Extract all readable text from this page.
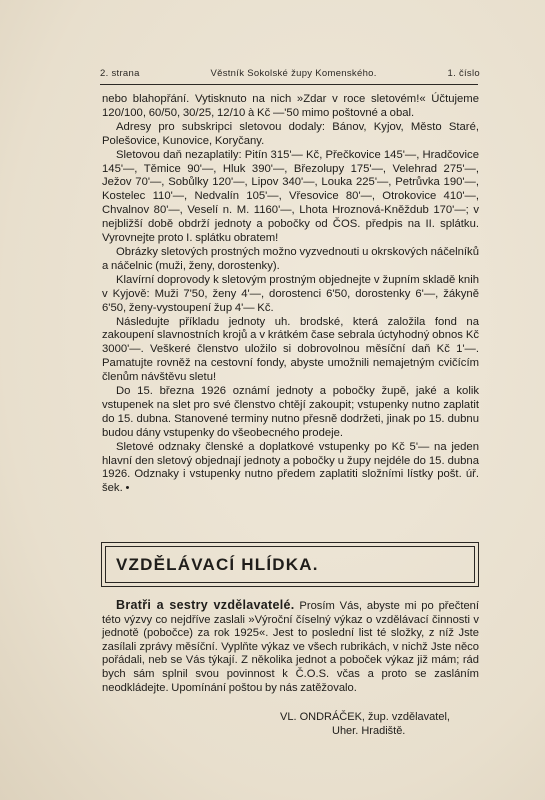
2. strana	Věstník Sokolské župy Komenského.	1. číslo

nebo blahopřání. Vytisknuto na nich »Zdar v roce sletovém!« Účtujeme 120/100, 60/50, 30/25, 12/10 à Kč —'50 mimo poštovné a obal.

Adresy pro subskripci sletovou dodaly: Bánov, Kyjov, Město Staré, Polešovice, Kunovice, Koryčany.

Sletovou daň nezaplatily: Pitín 315'— Kč, Přečkovice 145'—, Hradčovice 145'—, Těmice 90'—, Hluk 390'—, Březolupy 175'—, Velehrad 275'—, Ježov 70'—, Sobůlky 120'—, Lipov 340'—, Louka 225'—, Petrůvka 190'—, Kostelec 110'—, Nedvalín 105'—, Vřesovice 80'—, Otrokovice 410'—, Chvalnov 80'—, Veselí n. M. 1160'—, Lhota Hroznová-Kněždub 170'—; v nejbližší době obdrží jednoty a pobočky od ČOS. předpis na II. splátku. Vyrovnejte proto I. splátku obratem!

Obrázky sletových prostných možno vyzvednouti u okrskových náčelníků a náčelnic (muži, ženy, dorostenky).

Klavírní doprovody k sletovým prostným objednejte v župním skladě knih v Kyjově: Muži 7'50, ženy 4'—, dorostenci 6'50, dorostenky 6'—, žákyně 6'50, ženy-vystoupení žup 4'— Kč.

Následujte příkladu jednoty uh. brodské, která založila fond na zakoupení slavnostních krojů a v krátkém čase sebrala úctyhodný obnos Kč 3000'—. Veškeré členstvo uložilo si dobrovolnou měsíční daň Kč 1'—. Pamatujte rovněž na cestovní fondy, abyste umožnili nemajetným cvičícím členům návštěvu sletu!

Do 15. března 1926 oznámí jednoty a pobočky župě, jaké a kolik vstupenek na slet pro své členstvo chtějí zakoupit; vstupenky nutno zaplatit do 15. dubna. Stanovené terminy nutno přesně dodržeti, jinak po 15. dubnu budou dány vstupenky do všeobecného prodeje.

Sletové odznaky členské a doplatkové vstupenky po Kč 5'— na jeden hlavní den sletový objednají jednoty a pobočky u župy nejdéle do 15. dubna 1926. Odznaky i vstupenky nutno předem zaplatiti složními lístky pošt. úř. šek. •

VZDĚLÁVACÍ HLÍDKA.

Bratři a sestry vzdělavatelé. Prosím Vás, abyste mi po přečtení této výzvy co nejdříve zaslali »Výroční číselný výkaz o vzdělávací činnosti v jednotě (pobočce) za rok 1925«. Jest to poslední list té složky, z níž Jste zasílali zprávy měsíční. Vyplňte výkaz ve všech rubrikách, v nichž Jste něco pořádali, neb se Vás týkají. Z několika jednot a poboček výkaz již mám; rád bych sám splnil svou povinnost k Č.O.S. včas a proto se zasláním neodkládejte. Upomínání poštou by nás zatěžovalo.

VL. ONDRÁČEK, žup. vzdělavatel,
Uher. Hradiště.
